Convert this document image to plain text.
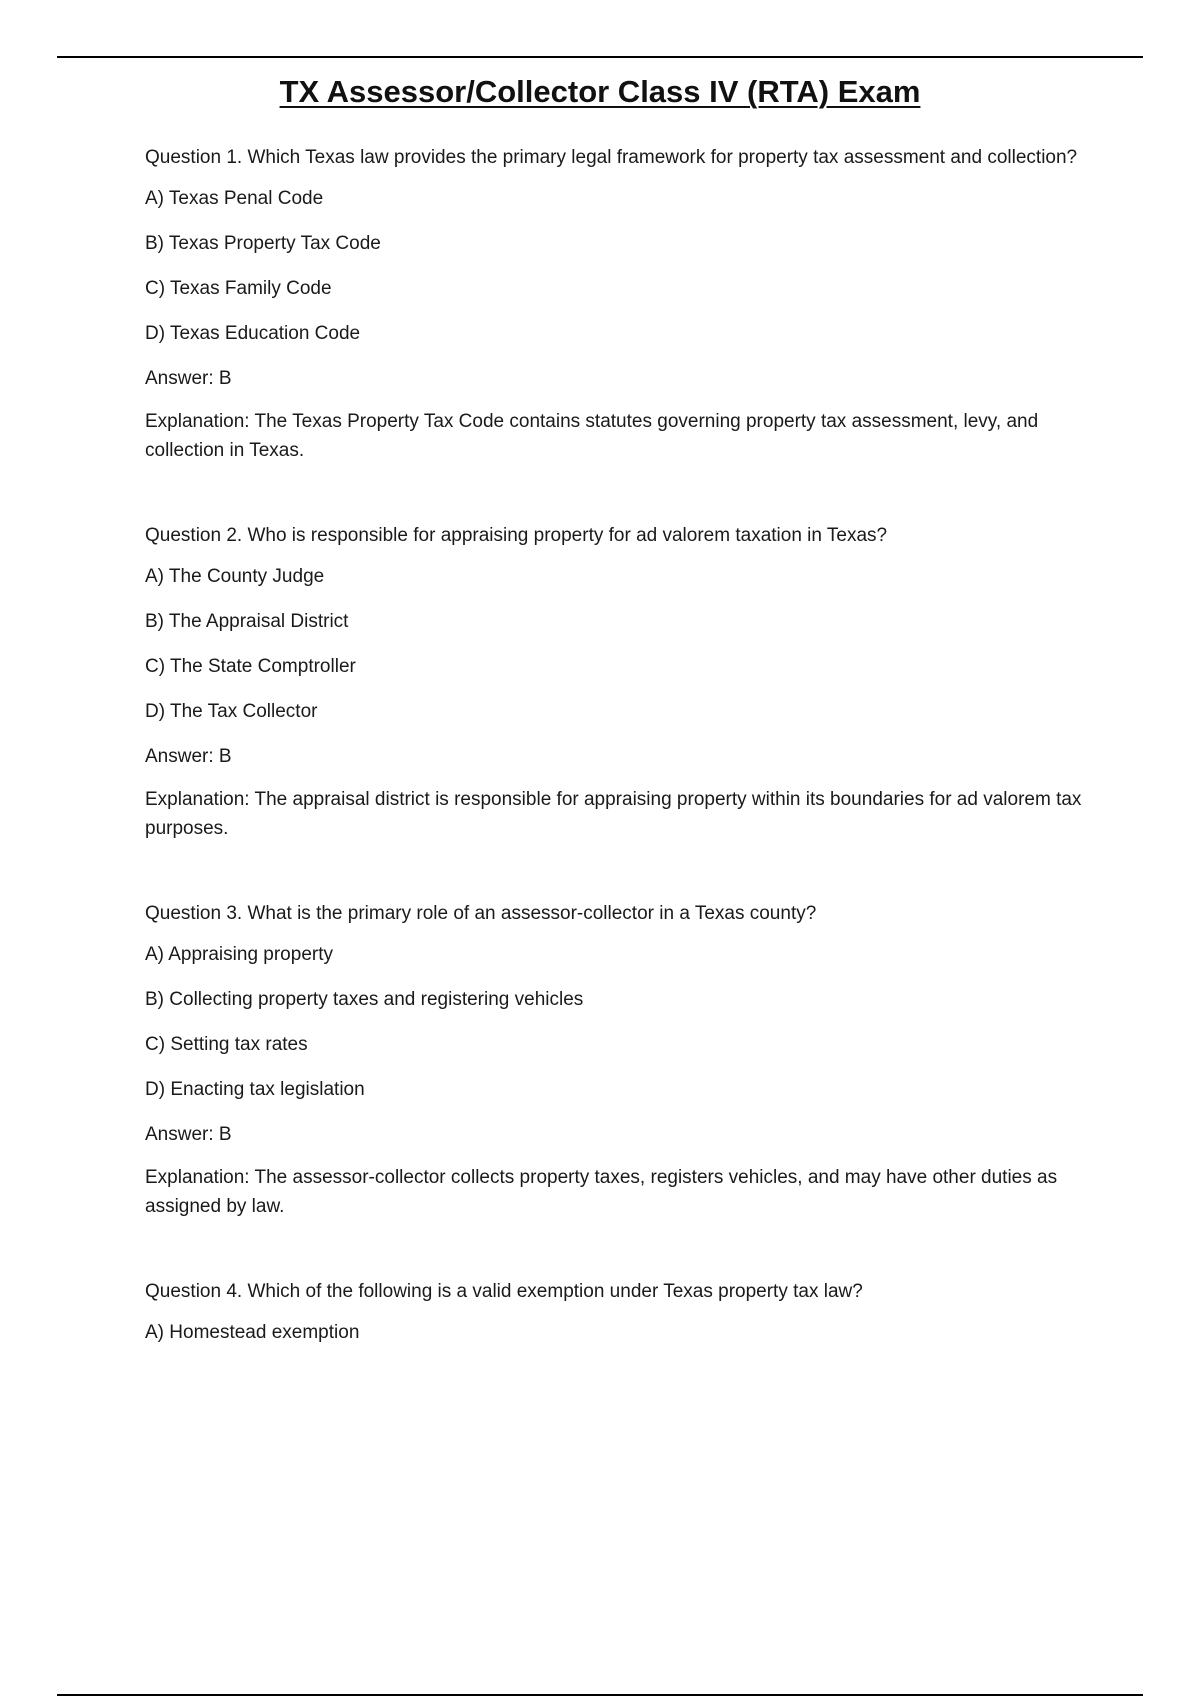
TX Assessor/Collector Class IV (RTA) Exam

Question 1. Which Texas law provides the primary legal framework for property tax assessment and collection?

A) Texas Penal Code

B) Texas Property Tax Code

C) Texas Family Code

D) Texas Education Code

Answer: B

Explanation: The Texas Property Tax Code contains statutes governing property tax assessment, levy, and collection in Texas.

Question 2. Who is responsible for appraising property for ad valorem taxation in Texas?

A) The County Judge

B) The Appraisal District

C) The State Comptroller

D) The Tax Collector

Answer: B

Explanation: The appraisal district is responsible for appraising property within its boundaries for ad valorem tax purposes.

Question 3. What is the primary role of an assessor-collector in a Texas county?

A) Appraising property

B) Collecting property taxes and registering vehicles

C) Setting tax rates

D) Enacting tax legislation

Answer: B

Explanation: The assessor-collector collects property taxes, registers vehicles, and may have other duties as assigned by law.

Question 4. Which of the following is a valid exemption under Texas property tax law?

A) Homestead exemption
